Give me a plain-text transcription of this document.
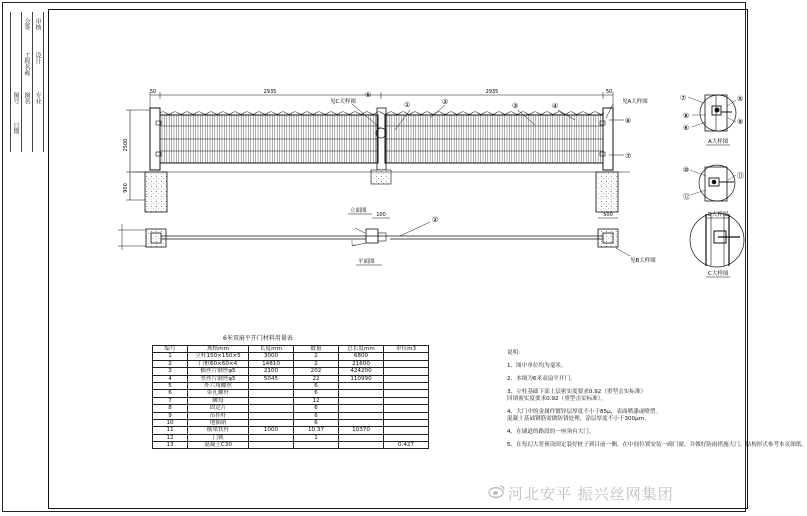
会签
工程名称
图名
审核
设计
专业
图号
日期
50	2935	2935	50
2500
900
见C大样图	见A大样图
①	②	③	④
⑤
⑥
⑦
立面图
100	500
②
见B大样图
平面图
⑦
⑧
⑥
⑤
⑨
A大样图
⑩
⑫
⑪
B大样图
C大样图
6米双扇平开门材料用量表
编号	规格mm	长度mm	数量	总长度mm	单位m3
1	立柱150×150×5	3000	2	6800	
2	门框60×60×4	14810	2	21600	
3	横丝片钢丝φ5	2100	202	424200	
4	竖丝片钢丝φ5	5045	22	110990	
5	外六角螺丝		6		
6	带孔螺杆		6		
7	螺母		12		
8	固定片		6		
9	吊挂杆		6		
10	地插销		6		
11	横梁铁杆	1000	10.37	10370	
12	门锁		1		
13	混凝土C30				0.427
说明：
1、图中单位均为毫米。
2、本图为6米双扇平开门。
3、立柱基础下部土层密实度要求0.92（重型击实标准）
回填密实度要求0.92（重型击实标准）。
4、大门中的金属件镀锌层厚度不小于85μ，表面喷漆或喷塑。
混凝土基础钢筋需做防锈处理，涂层厚度不小于300μm。
4、在铺道的路段的一座须有大门。
5、在每幻大普预设固定装好桩子到目前一侧，在中间位置安装一副门窗，并做好防雨措施大门，结构形式参考本页图纸。
河北安平 振兴丝网集团
